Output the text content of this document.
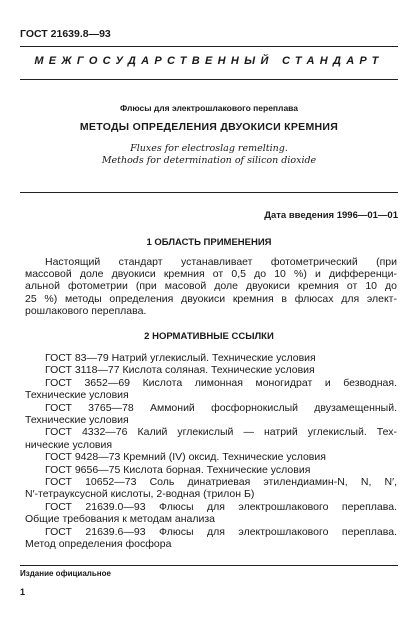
ГОСТ 21639.8—93
МЕЖГОСУДАРСТВЕННЫЙ СТАНДАРТ
Флюсы для электрошлакового переплава
МЕТОДЫ ОПРЕДЕЛЕНИЯ ДВУОКИСИ КРЕМНИЯ
Fluxes for electroslag remelting.
Methods for determination of silicon dioxide
Дата введения 1996—01—01
1 ОБЛАСТЬ ПРИМЕНЕНИЯ
Настоящий стандарт устанавливает фотометрический (при
массовой доле двуокиси кремния от 0,5 до 10 %) и дифференци-
альной фотометрии (при масовой доле двуокиси кремния от 10 до
25 %) методы определения двуокиси кремния в флюсах для элект-
рошлакового переплава.
2 НОРМАТИВНЫЕ ССЫЛКИ
ГОСТ 83—79 Натрий углекислый. Технические условия
ГОСТ 3118—77 Кислота соляная. Технические условия
ГОСТ 3652—69 Кислота лимонная моногидрат и безводная.
Технические условия
ГОСТ 3765—78 Аммоний фосфорнокислый двузамещенный.
Технические условия
ГОСТ 4332—76 Калий углекислый — натрий углекислый. Тех-
нические условия
ГОСТ 9428—73 Кремний (IV) оксид. Технические условия
ГОСТ 9656—75 Кислота борная. Технические условия
ГОСТ 10652—73 Соль динатриевая этилендиамин-N, N, N′,
N′-тетрауксусной кислоты, 2-водная (трилон Б)
ГОСТ 21639.0—93 Флюсы для электрошлакового переплава.
Общие требования к методам анализа
ГОСТ 21639.6—93 Флюсы для электрошлакового переплава.
Метод определения фосфора
Издание официальное
1
